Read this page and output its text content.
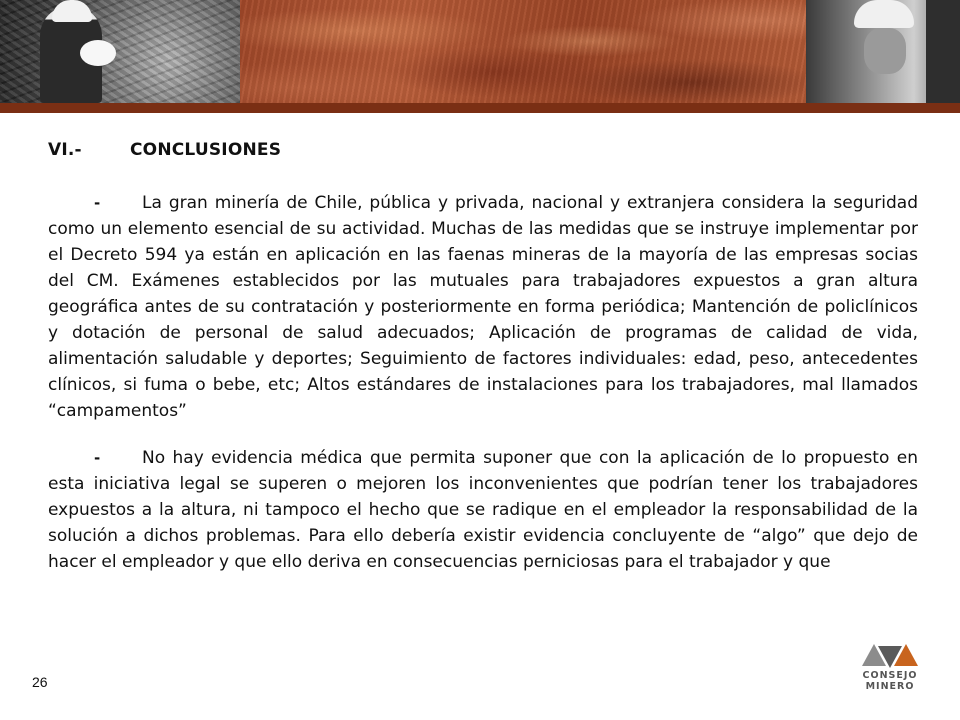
VI.-	CONCLUSIONES

- La gran minería de Chile, pública y privada, nacional y extranjera considera la seguridad como un elemento esencial de su actividad. Muchas de las medidas que se instruye implementar por el Decreto 594 ya están en aplicación en las faenas mineras de la mayoría de las empresas socias del CM. Exámenes establecidos por las mutuales para trabajadores expuestos a gran altura geográfica antes de su contratación y posteriormente en forma periódica; Mantención de policlínicos y dotación de personal de salud adecuados; Aplicación de programas de calidad de vida, alimentación saludable y deportes; Seguimiento de factores individuales: edad, peso, antecedentes clínicos, si fuma o bebe, etc; Altos estándares de instalaciones para los trabajadores, mal llamados “campamentos”

- No hay evidencia médica que permita suponer que con la aplicación de lo propuesto en esta iniciativa legal se superen o mejoren los inconvenientes que podrían tener los trabajadores expuestos a la altura, ni tampoco el hecho que se radique en el empleador la responsabilidad de la solución a dichos problemas. Para ello debería existir evidencia concluyente de “algo” que dejo de hacer el empleador y que ello deriva en consecuencias perniciosas para el trabajador y que

26	CONSEJO
MINERO
